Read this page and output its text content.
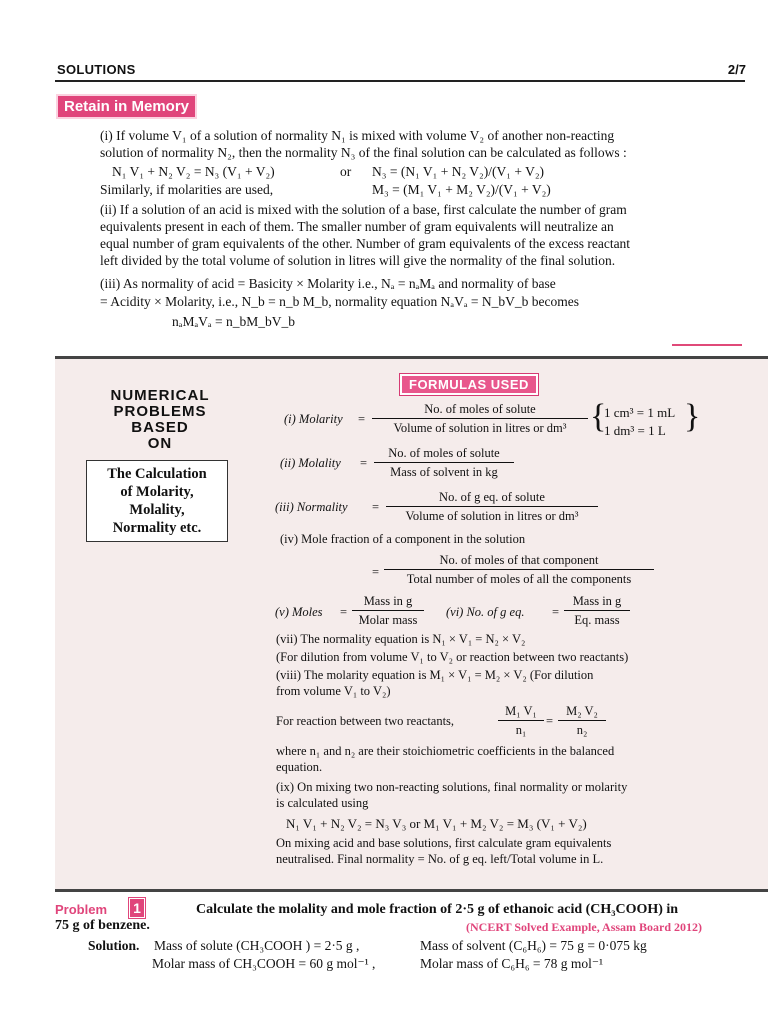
SOLUTIONS	2/7
Retain in Memory
(i) If volume V₁ of a solution of normality N₁ is mixed with volume V₂ of another non-reacting
solution of normality N₂, then the normality N₃ of the final solution can be calculated as follows :
N₁ V₁ + N₂ V₂ = N₃ (V₁ + V₂)	or N₃ = (N₁ V₁ + N₂ V₂)/(V₁ + V₂)
Similarly, if molarities are used,	M₃ = (M₁ V₁ + M₂ V₂)/(V₁ + V₂)
(ii) If a solution of an acid is mixed with the solution of a base, first calculate the number of gram
equivalents present in each of them. The smaller number of gram equivalents will neutralize an
equal number of gram equivalents of the other. Number of gram equivalents of the excess reactant
left divided by the total volume of solution in litres will give the normality of the final solution.
(iii) As normality of acid = Basicity × Molarity i.e., Nₐ = nₐMₐ and normality of base
= Acidity × Molarity, i.e., N_b = n_b M_b, normality equation NₐVₐ = N_bV_b becomes
nₐMₐVₐ = n_bM_bV_b
NUMERICAL
PROBLEMS
BASED
ON
The Calculation
of Molarity,
Molality,
Normality etc.
FORMULAS USED
(i) Molarity =
No. of moles of solute
Volume of solution in litres or dm³ {
1 cm³ = 1 mL
1 dm³ = 1 L }
(ii) Molality =
No. of moles of solute
Mass of solvent in kg
(iii) Normality =
No. of g eq. of solute
Volume of solution in litres or dm³
(iv) Mole fraction of a component in the solution
=
No. of moles of that component
Total number of moles of all the components
(v) Moles =
Mass in g
Molar mass
(vi) No. of g eq. =
Mass in g
Eq. mass
(vii) The normality equation is N₁ × V₁ = N₂ × V₂
(For dilution from volume V₁ to V₂ or reaction between two reactants)
(viii) The molarity equation is M₁ × V₁ = M₂ × V₂ (For dilution
from volume V₁ to V₂)
For reaction between two reactants,	$\frac{\text{M₁ V₁}}{\text{n₁}} = \frac{\text{M₂ V₂}}{\text{n₂}}$
where n₁ and n₂ are their stoichiometric coefficients in the balanced
equation.
(ix) On mixing two non-reacting solutions, final normality or molarity
is calculated using
N₁ V₁ + N₂ V₂ = N₃ V₃ or M₁ V₁ + M₂ V₂ = M₃ (V₁ + V₂)
On mixing acid and base solutions, first calculate gram equivalents
neutralised. Final normality = No. of g eq. left/Total volume in L.
Problem 1	Calculate the molality and mole fraction of 2·5 g of ethanoic acid (CH₃COOH) in
75 g of benzene.	(NCERT Solved Example, Assam Board 2012)
Solution. Mass of solute (CH₃COOH ) = 2·5 g ,	Mass of solvent (C₆H₆) = 75 g = 0·075 kg
Molar mass of CH₃COOH = 60 g mol⁻¹ ,	Molar mass of C₆H₆ = 78 g mol⁻¹
